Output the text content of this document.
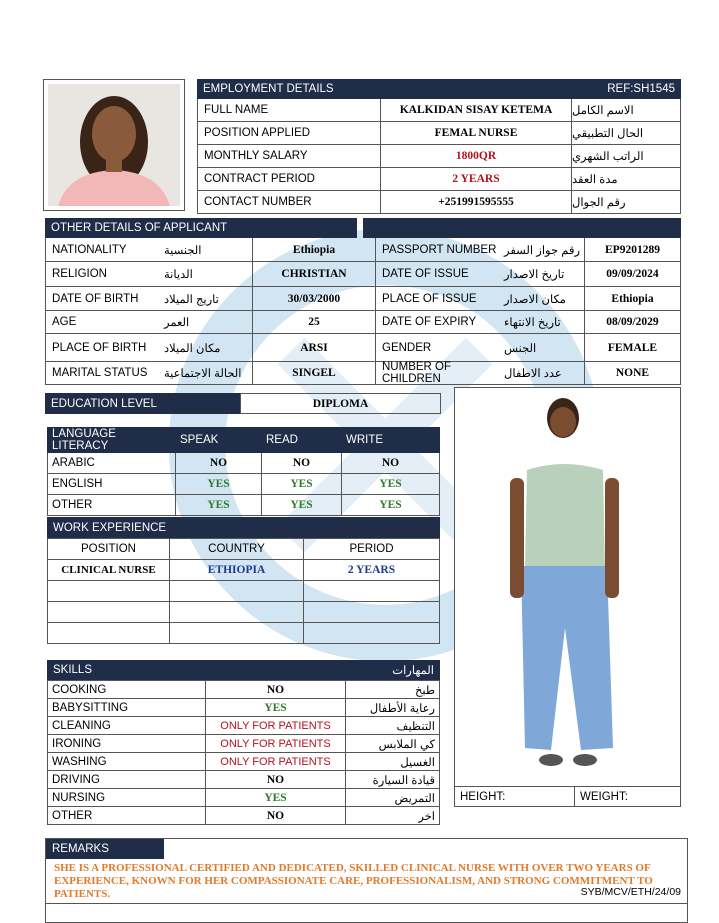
EMPLOYMENT DETAILS	REF:SH1545
FULL NAME	KALKIDAN SISAY KETEMA	الاسم الكامل
POSITION APPLIED	FEMAL NURSE	الحال التطبيقي
MONTHLY SALARY	1800QR	الراتب الشهري
CONTRACT PERIOD	2 YEARS	مدة العقد
CONTACT NUMBER	+251991595555	رقم الجوال
OTHER DETAILS OF APPLICANT
NATIONALITY	الجنسية	Ethiopia	PASSPORT NUMBER رقم جواز السفر	EP9201289
RELIGION	الديانة	CHRISTIAN	DATE OF ISSUE	تاريخ الاصدار	09/09/2024
DATE OF BIRTH	تاريج الميلاد	30/03/2000	PLACE OF ISSUE	مكان الاصدار	Ethiopia
AGE	العمر	25	DATE OF EXPIRY	تاريخ الانتهاء	08/09/2029
PLACE OF BIRTH	مكان الميلاد	ARSI	GENDER	الجنس	FEMALE
MARITAL STATUS	الحالة الاجتماعية	SINGEL	NUMBER OF CHILDREN	عدد الاطفال	NONE
EDUCATION LEVEL	DIPLOMA
LANGUAGE LITERACY	SPEAK	READ	WRITE
ARABIC	NO	NO	NO
ENGLISH	YES	YES	YES
OTHER	YES	YES	YES
WORK EXPERIENCE
POSITION	COUNTRY	PERIOD
CLINICAL NURSE	ETHIOPIA	2 YEARS

HEIGHT:	WEIGHT:
SKILLS	المهارات
COOKING	NO	طبخ
BABYSITTING	YES	رعاية الأطفال
CLEANING	ONLY FOR PATIENTS	التنظيف
IRONING	ONLY FOR PATIENTS	كي الملابس
WASHING	ONLY FOR PATIENTS	الغسيل
DRIVING	NO	قيادة السيارة
NURSING	YES	التمريض
OTHER	NO	اخر
REMARKS
SHE IS A PROFESSIONAL CERTIFIED AND DEDICATED, SKILLED CLINICAL NURSE WITH OVER TWO YEARS OF EXPERIENCE, KNOWN FOR HER COMPASSIONATE CARE, PROFESSIONALISM, AND STRONG COMMITMENT TO PATIENTS.	SYB/MCV/ETH/24/09
